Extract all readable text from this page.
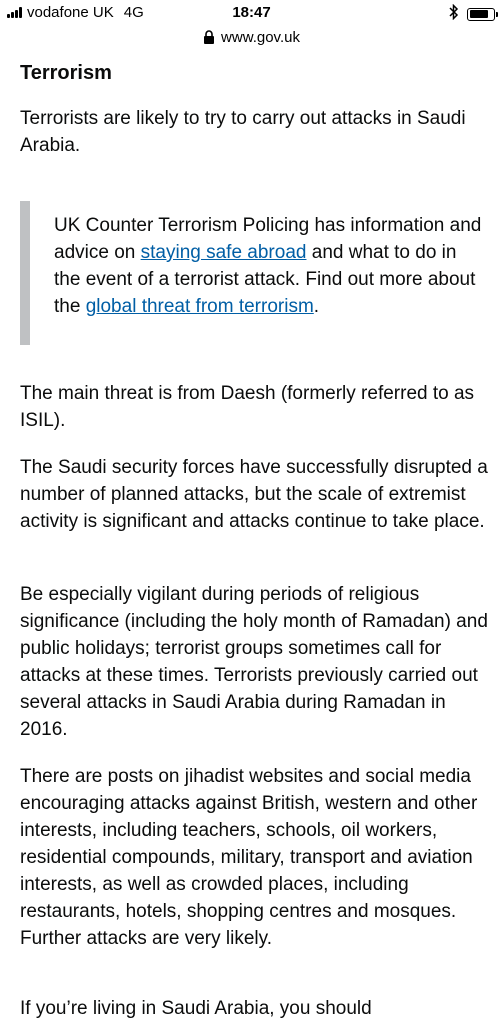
vodafone UK 4G	18:47
www.gov.uk
Terrorism

Terrorists are likely to try to carry out attacks in Saudi Arabia.

UK Counter Terrorism Policing has information and advice on staying safe abroad and what to do in the event of a terrorist attack. Find out more about the global threat from terrorism.

The main threat is from Daesh (formerly referred to as ISIL).

The Saudi security forces have successfully disrupted a number of planned attacks, but the scale of extremist activity is significant and attacks continue to take place.

Be especially vigilant during periods of religious significance (including the holy month of Ramadan) and public holidays; terrorist groups sometimes call for attacks at these times. Terrorists previously carried out several attacks in Saudi Arabia during Ramadan in 2016.

There are posts on jihadist websites and social media encouraging attacks against British, western and other interests, including teachers, schools, oil workers, residential compounds, military, transport and aviation interests, as well as crowded places, including restaurants, hotels, shopping centres and mosques. Further attacks are very likely.

If you’re living in Saudi Arabia, you should
